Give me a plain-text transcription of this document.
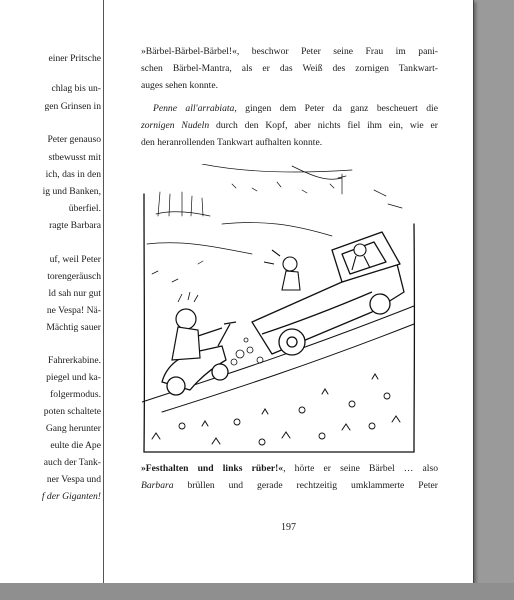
einer Pritsche
chlag bis un-
gen Grinsen in
Peter genauso
stbewusst mit
ich, das in den
ig und Banken,
überfiel.
ragte Barbara
uf, weil Peter
torengeräusch
ld sah nur gut
ne Vespa! Nä-
Mächtig sauer
Fahrerkabine.
piegel und ka-
folgermodus.
poten schaltete
Gang herunter
eulte die Ape
auch der Tank-
ner Vespa und
f der Giganten!
»Bärbel-Bärbel-Bärbel!«, beschwor Peter seine Frau im pani-
schen Bärbel-Mantra, als er das Weiß des zornigen Tankwart-
auges sehen konnte.
Penne all'arrabiata, gingen dem Peter da ganz bescheuert die
zornigen Nudeln durch den Kopf, aber nichts fiel ihm ein, wie er
den heranrollenden Tankwart aufhalten konnte.
»Festhalten und links rüber!«, hörte er seine Bärbel … also
Barbara brüllen und gerade rechtzeitig umklammerte Peter
197
